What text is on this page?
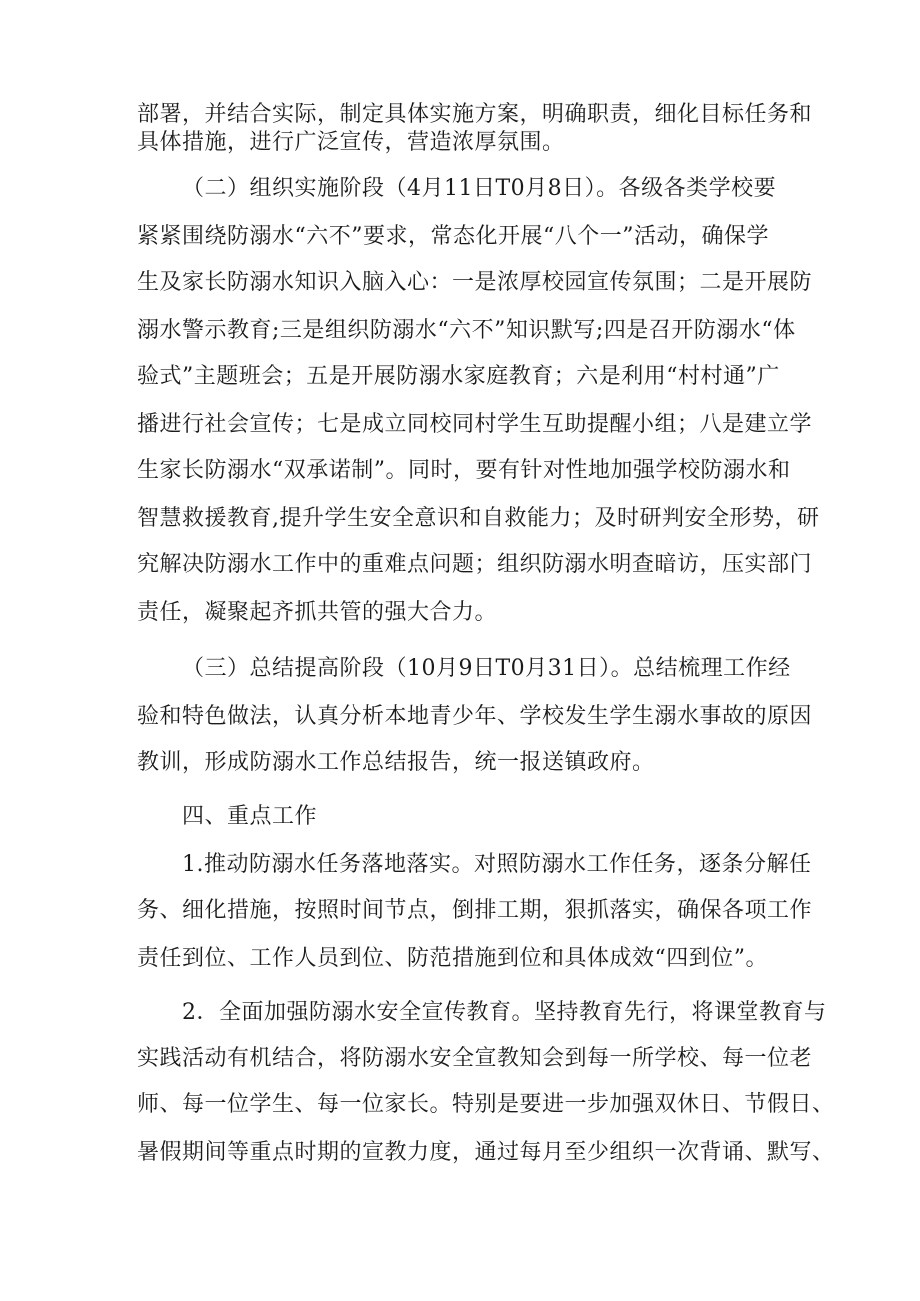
部署，并结合实际，制定具体实施方案，明确职责，细化目标任务和
具体措施，进行广泛宣传，营造浓厚氛围。
（二）组织实施阶段（4月11日T0月8日）。各级各类学校要
紧紧围绕防溺水“六不”要求，常态化开展“八个一”活动，确保学
生及家长防溺水知识入脑入心：一是浓厚校园宣传氛围；二是开展防
溺水警示教育;三是组织防溺水“六不”知识默写;四是召开防溺水“体
验式”主题班会；五是开展防溺水家庭教育；六是利用“村村通”广
播进行社会宣传；七是成立同校同村学生互助提醒小组；八是建立学
生家长防溺水“双承诺制”。同时，要有针对性地加强学校防溺水和
智慧救援教育,提升学生安全意识和自救能力；及时研判安全形势，研
究解决防溺水工作中的重难点问题；组织防溺水明查暗访，压实部门
责任，凝聚起齐抓共管的强大合力。
（三）总结提高阶段（10月9日T0月31日）。总结梳理工作经
验和特色做法，认真分析本地青少年、学校发生学生溺水事故的原因
教训，形成防溺水工作总结报告，统一报送镇政府。
四、重点工作
1.推动防溺水任务落地落实。对照防溺水工作任务，逐条分解任
务、细化措施，按照时间节点，倒排工期，狠抓落实，确保各项工作
责任到位、工作人员到位、防范措施到位和具体成效“四到位”。
2．全面加强防溺水安全宣传教育。坚持教育先行，将课堂教育与
实践活动有机结合，将防溺水安全宣教知会到每一所学校、每一位老
师、每一位学生、每一位家长。特别是要进一步加强双休日、节假日、
暑假期间等重点时期的宣教力度，通过每月至少组织一次背诵、默写、
